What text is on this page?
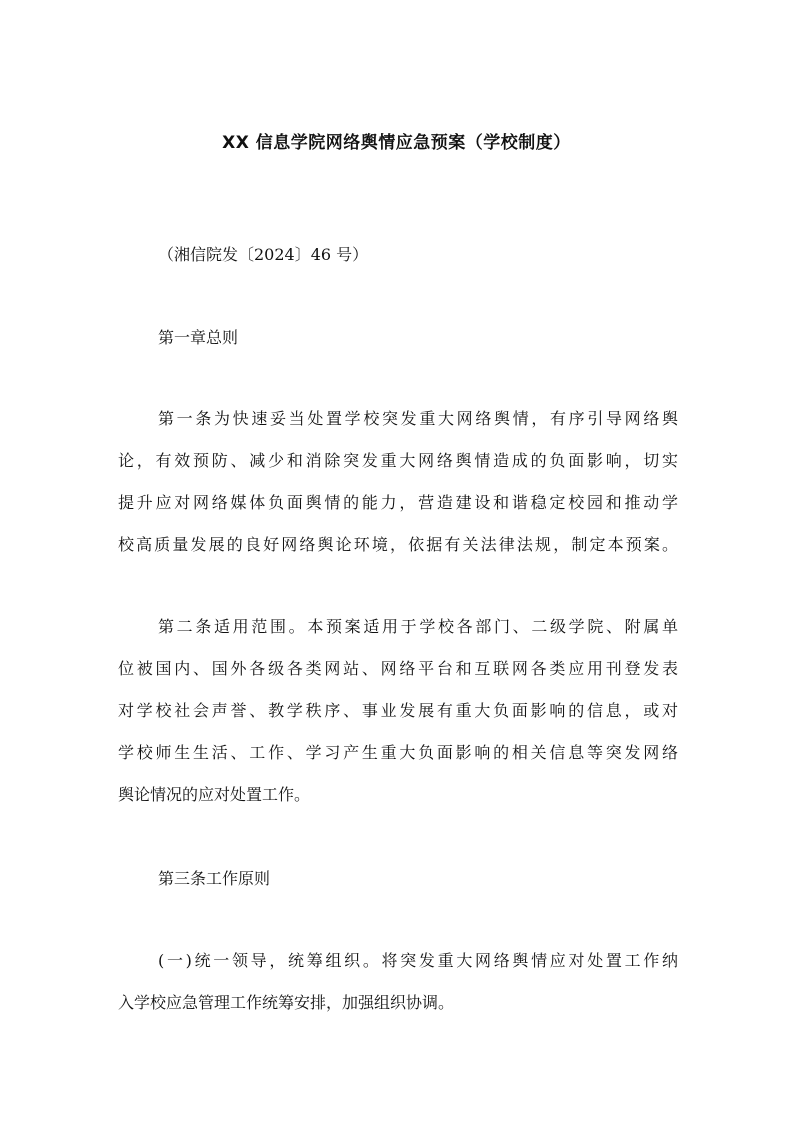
XX 信息学院网络舆情应急预案（学校制度）
（湘信院发〔2024〕46 号）
第一章总则
第一条为快速妥当处置学校突发重大网络舆情，有序引导网络舆
论，有效预防、减少和消除突发重大网络舆情造成的负面影响，切实
提升应对网络媒体负面舆情的能力，营造建设和谐稳定校园和推动学
校高质量发展的良好网络舆论环境，依据有关法律法规，制定本预案。
第二条适用范围。本预案适用于学校各部门、二级学院、附属单
位被国内、国外各级各类网站、网络平台和互联网各类应用刊登发表
对学校社会声誉、教学秩序、事业发展有重大负面影响的信息，或对
学校师生生活、工作、学习产生重大负面影响的相关信息等突发网络
舆论情况的应对处置工作。
第三条工作原则
(一)统一领导，统筹组织。将突发重大网络舆情应对处置工作纳
入学校应急管理工作统筹安排，加强组织协调。
